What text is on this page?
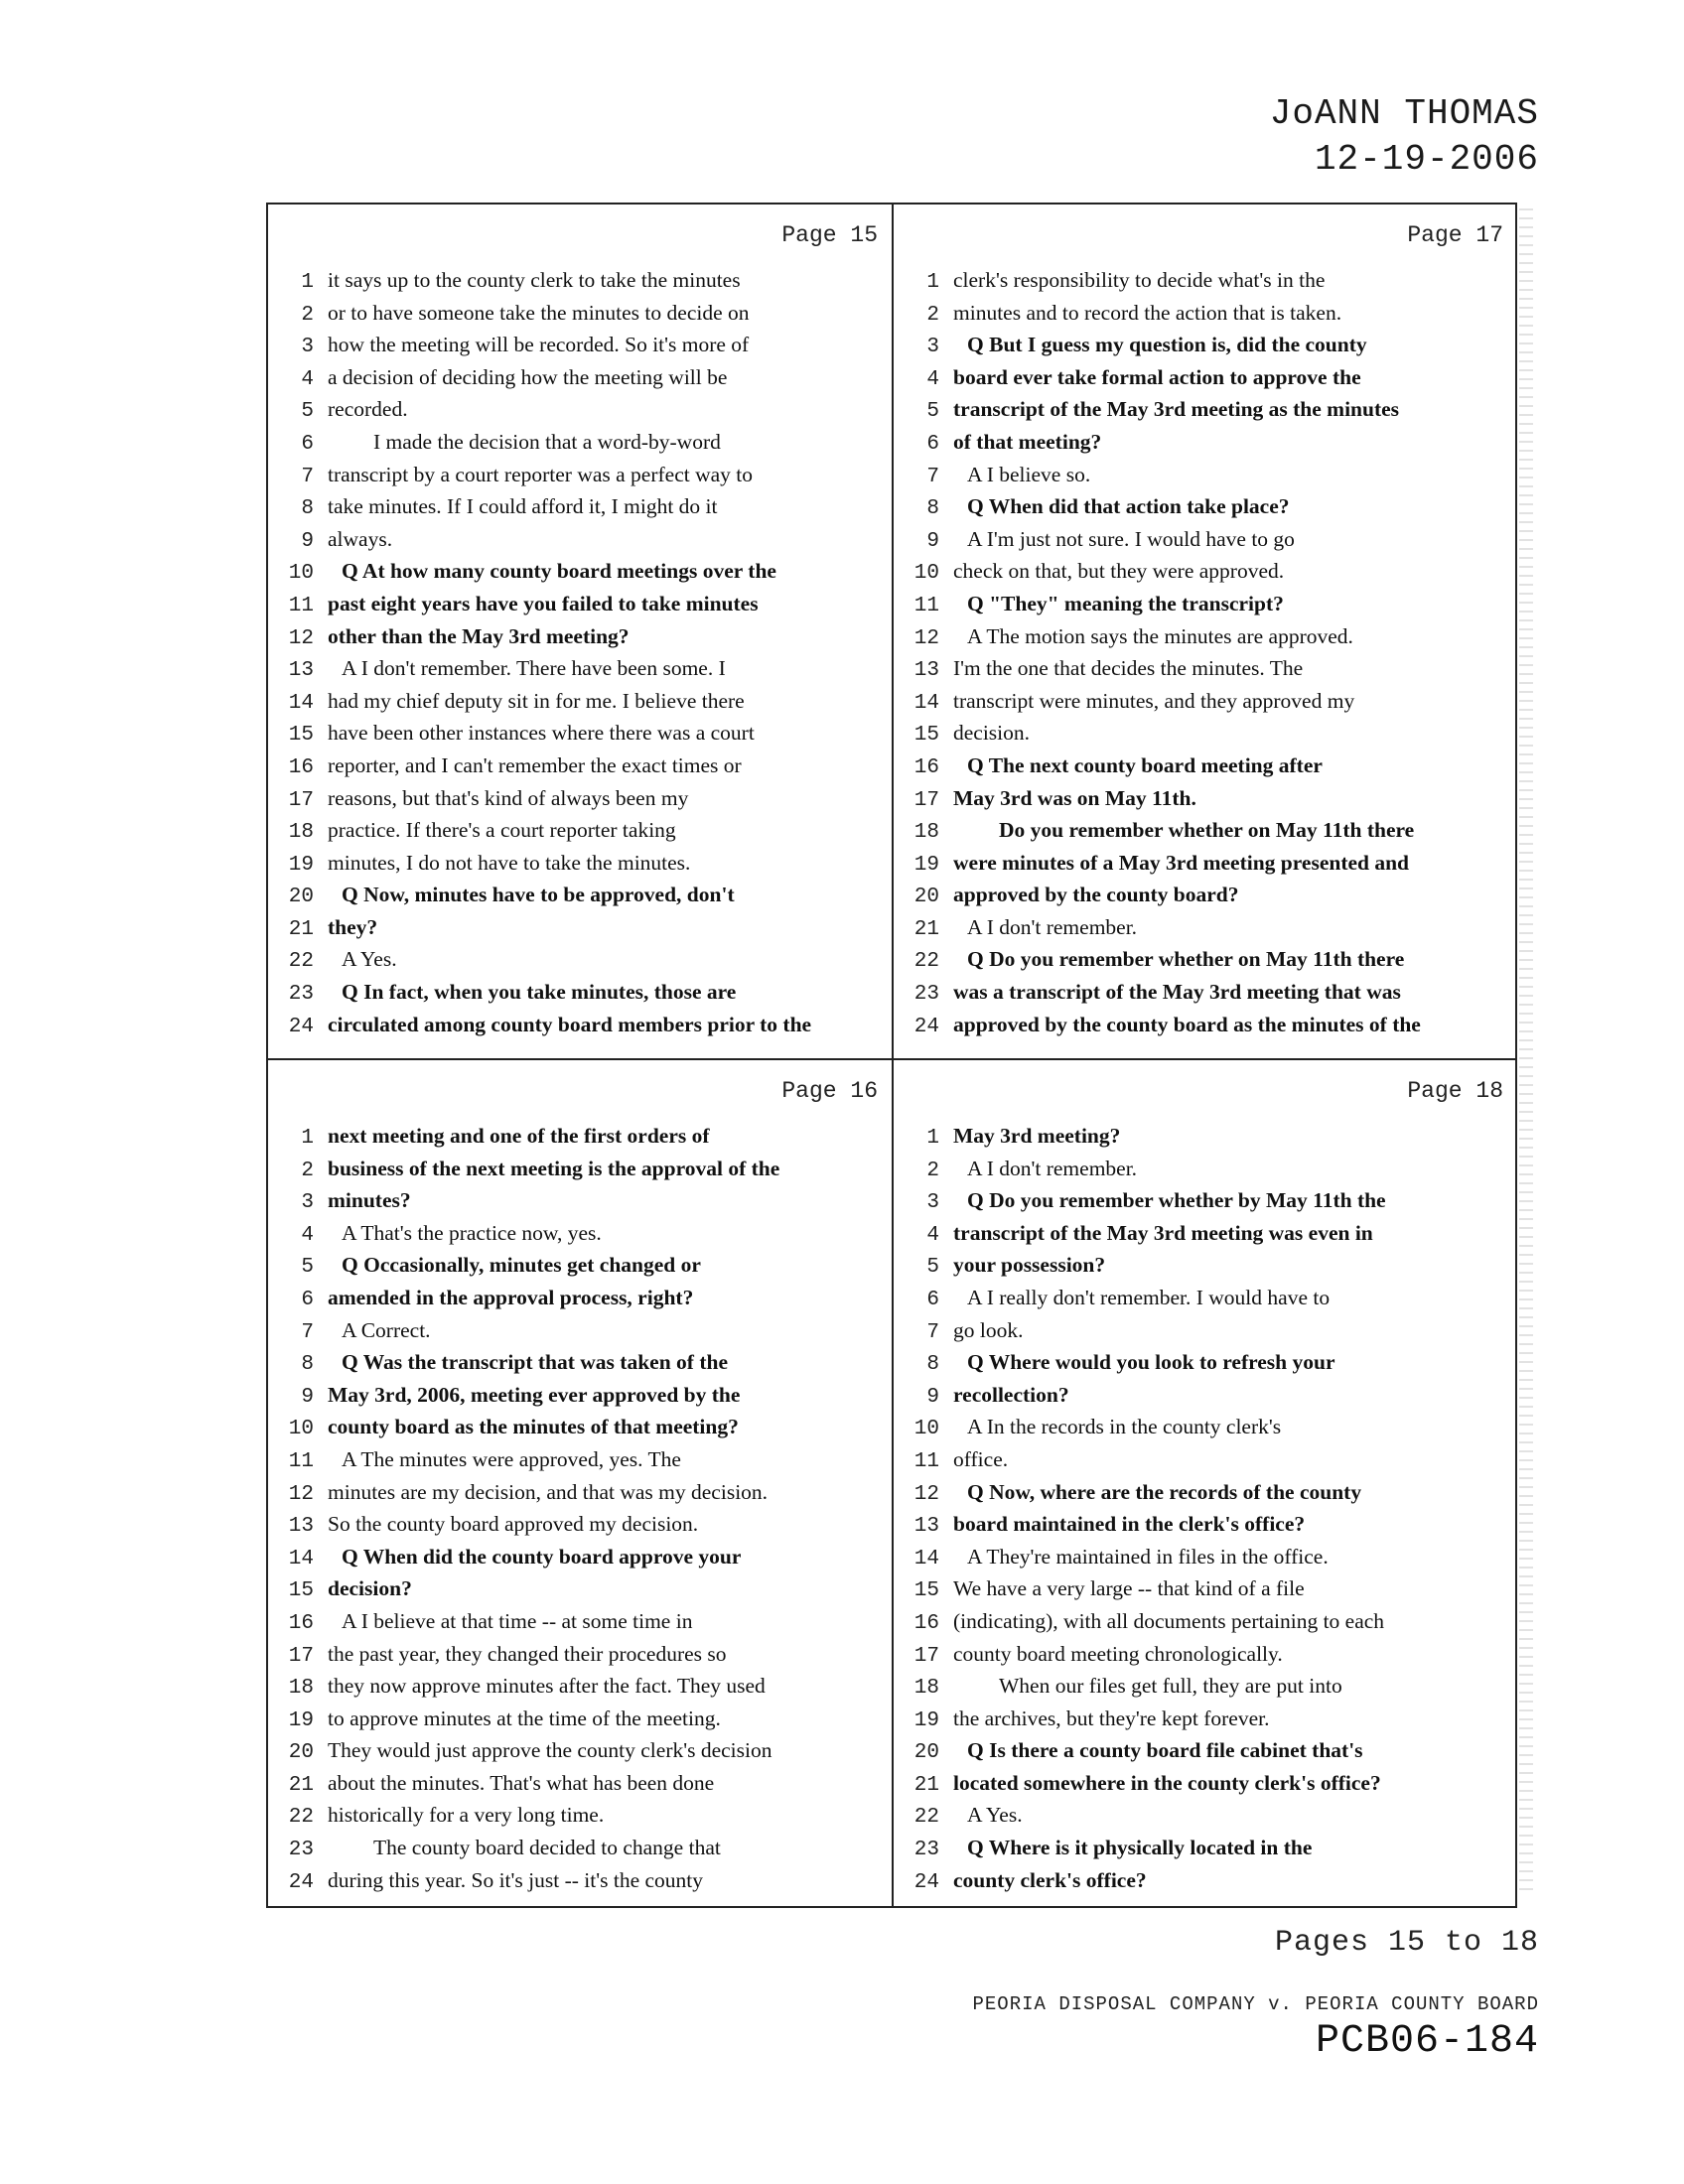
JoANN THOMAS
12-19-2006
Page 15
1 it says up to the county clerk to take the minutes
2 or to have someone take the minutes to decide on
3 how the meeting will be recorded. So it's more of
4 a decision of deciding how the meeting will be
5 recorded.
6	I made the decision that a word-by-word
7 transcript by a court reporter was a perfect way to
8 take minutes. If I could afford it, I might do it
9 always.
10 Q At how many county board meetings over the
11 past eight years have you failed to take minutes
12 other than the May 3rd meeting?
13 A I don't remember. There have been some. I
14 had my chief deputy sit in for me. I believe there
15 have been other instances where there was a court
16 reporter, and I can't remember the exact times or
17 reasons, but that's kind of always been my
18 practice. If there's a court reporter taking
19 minutes, I do not have to take the minutes.
20 Q Now, minutes have to be approved, don't
21 they?
22 A Yes.
23 Q In fact, when you take minutes, those are
24 circulated among county board members prior to the
Page 17
1 clerk's responsibility to decide what's in the
2 minutes and to record the action that is taken.
3 Q But I guess my question is, did the county
4 board ever take formal action to approve the
5 transcript of the May 3rd meeting as the minutes
6 of that meeting?
7 A I believe so.
8 Q When did that action take place?
9 A I'm just not sure. I would have to go
10 check on that, but they were approved.
11 Q "They" meaning the transcript?
12 A The motion says the minutes are approved.
13 I'm the one that decides the minutes. The
14 transcript were minutes, and they approved my
15 decision.
16 Q The next county board meeting after
17 May 3rd was on May 11th.
18	Do you remember whether on May 11th there
19 were minutes of a May 3rd meeting presented and
20 approved by the county board?
21 A I don't remember.
22 Q Do you remember whether on May 11th there
23 was a transcript of the May 3rd meeting that was
24 approved by the county board as the minutes of the
Page 16
1 next meeting and one of the first orders of
2 business of the next meeting is the approval of the
3 minutes?
4 A That's the practice now, yes.
5 Q Occasionally, minutes get changed or
6 amended in the approval process, right?
7 A Correct.
8 Q Was the transcript that was taken of the
9 May 3rd, 2006, meeting ever approved by the
10 county board as the minutes of that meeting?
11 A The minutes were approved, yes. The
12 minutes are my decision, and that was my decision.
13 So the county board approved my decision.
14 Q When did the county board approve your
15 decision?
16 A I believe at that time -- at some time in
17 the past year, they changed their procedures so
18 they now approve minutes after the fact. They used
19 to approve minutes at the time of the meeting.
20 They would just approve the county clerk's decision
21 about the minutes. That's what has been done
22 historically for a very long time.
23	The county board decided to change that
24 during this year. So it's just -- it's the county
Page 18
1 May 3rd meeting?
2 A I don't remember.
3 Q Do you remember whether by May 11th the
4 transcript of the May 3rd meeting was even in
5 your possession?
6 A I really don't remember. I would have to
7 go look.
8 Q Where would you look to refresh your
9 recollection?
10 A In the records in the county clerk's
11 office.
12 Q Now, where are the records of the county
13 board maintained in the clerk's office?
14 A They're maintained in files in the office.
15 We have a very large -- that kind of a file
16 (indicating), with all documents pertaining to each
17 county board meeting chronologically.
18	When our files get full, they are put into
19 the archives, but they're kept forever.
20 Q Is there a county board file cabinet that's
21 located somewhere in the county clerk's office?
22 A Yes.
23 Q Where is it physically located in the
24 county clerk's office?
Pages 15 to 18
PEORIA DISPOSAL COMPANY v. PEORIA COUNTY BOARD
PCB06-184
